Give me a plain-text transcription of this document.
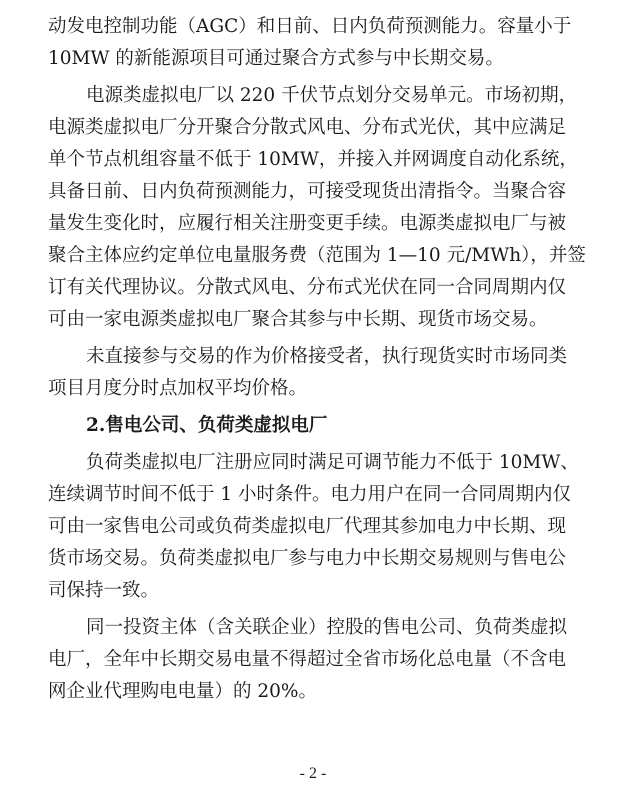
动发电控制功能（AGC）和日前、日内负荷预测能力。容量小于
10MW 的新能源项目可通过聚合方式参与中长期交易。
电源类虚拟电厂以 220 千伏节点划分交易单元。市场初期，
电源类虚拟电厂分开聚合分散式风电、分布式光伏，其中应满足
单个节点机组容量不低于 10MW，并接入并网调度自动化系统，
具备日前、日内负荷预测能力，可接受现货出清指令。当聚合容
量发生变化时，应履行相关注册变更手续。电源类虚拟电厂与被
聚合主体应约定单位电量服务费（范围为 1—10 元/MWh），并签
订有关代理协议。分散式风电、分布式光伏在同一合同周期内仅
可由一家电源类虚拟电厂聚合其参与中长期、现货市场交易。
未直接参与交易的作为价格接受者，执行现货实时市场同类
项目月度分时点加权平均价格。
2.售电公司、负荷类虚拟电厂
负荷类虚拟电厂注册应同时满足可调节能力不低于 10MW、
连续调节时间不低于 1 小时条件。电力用户在同一合同周期内仅
可由一家售电公司或负荷类虚拟电厂代理其参加电力中长期、现
货市场交易。负荷类虚拟电厂参与电力中长期交易规则与售电公
司保持一致。
同一投资主体（含关联企业）控股的售电公司、负荷类虚拟
电厂，全年中长期交易电量不得超过全省市场化总电量（不含电
网企业代理购电电量）的 20%。
- 2 -
